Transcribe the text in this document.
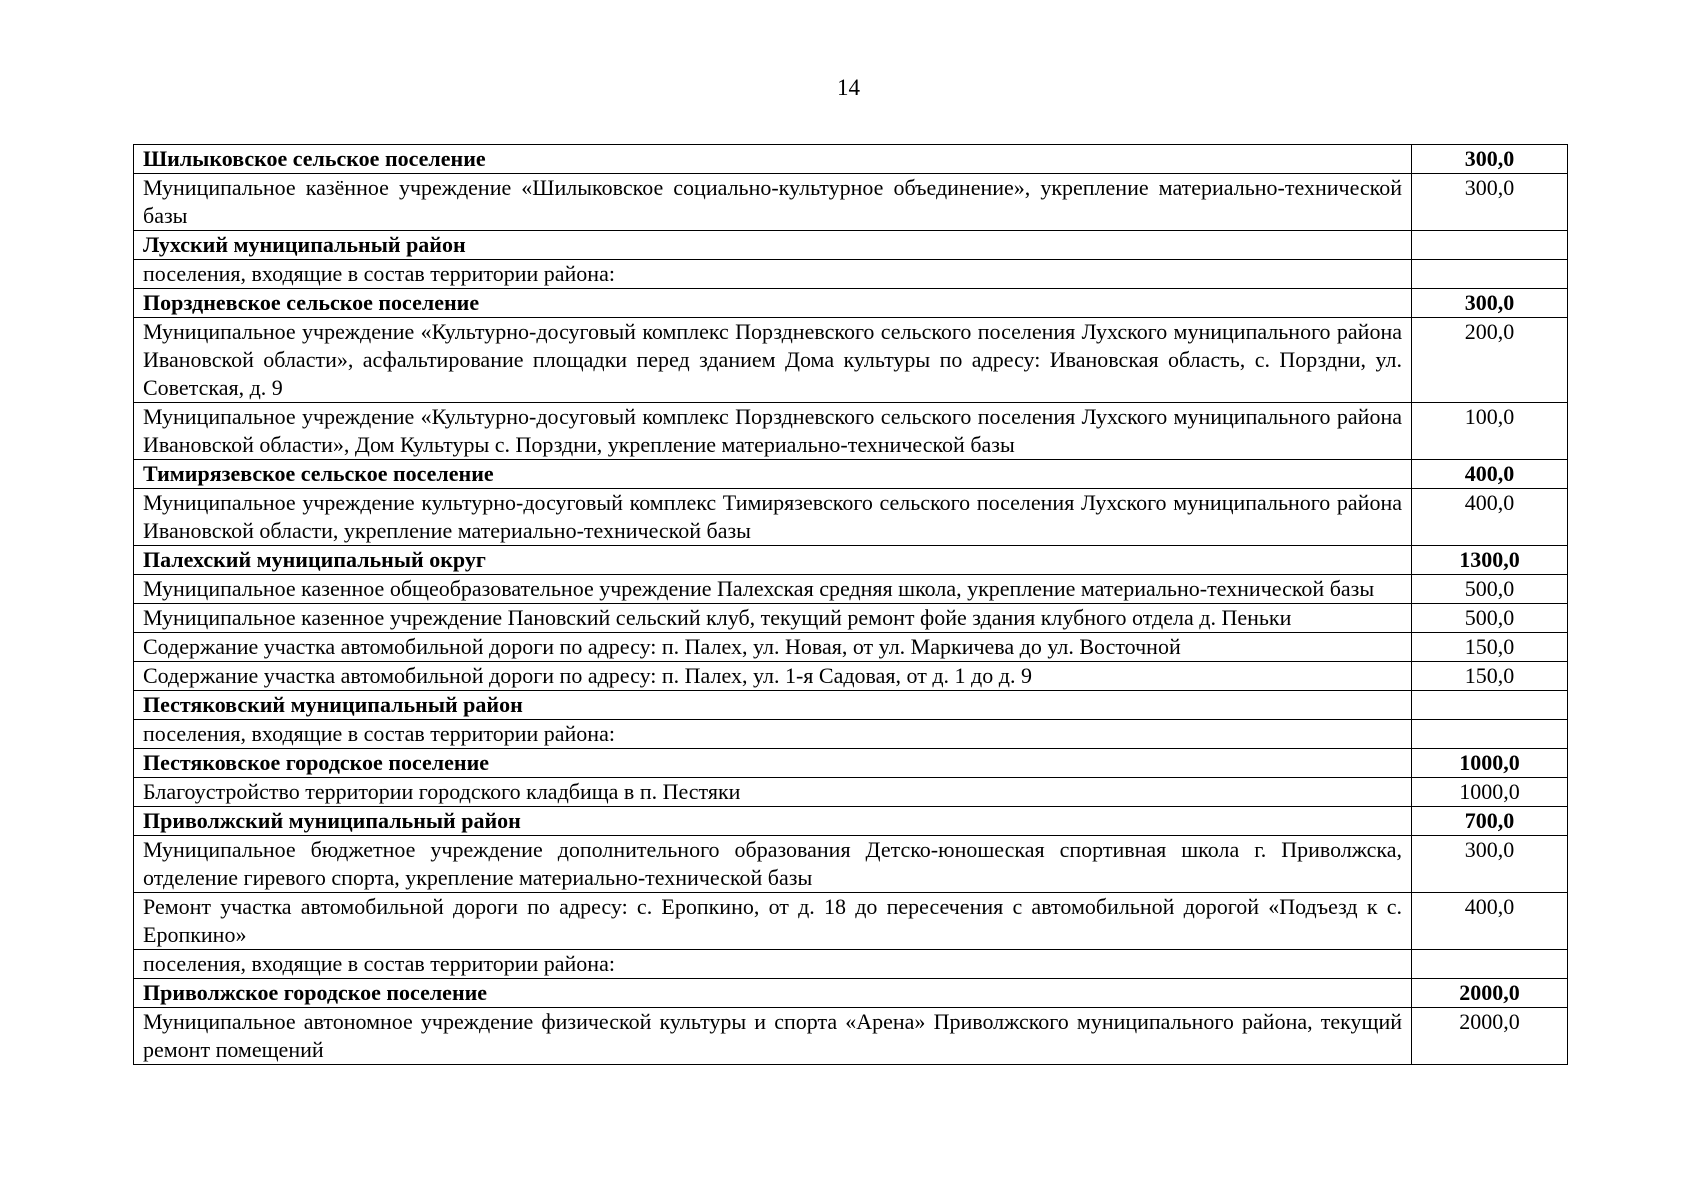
14
Шилыковское сельское поселение	300,0
Муниципальное казённое учреждение «Шилыковское социально-культурное объединение», укрепление материально-технической базы	300,0
Лухский муниципальный район	
поселения, входящие в состав территории района:	
Порздневское сельское поселение	300,0
Муниципальное учреждение «Культурно-досуговый комплекс Порздневского сельского поселения Лухского муниципального района Ивановской области», асфальтирование площадки перед зданием Дома культуры по адресу: Ивановская область, с. Порздни, ул. Советская, д. 9	200,0
Муниципальное учреждение «Культурно-досуговый комплекс Порздневского сельского поселения Лухского муниципального района Ивановской области», Дом Культуры с. Порздни, укрепление материально-технической базы	100,0
Тимирязевское сельское поселение	400,0
Муниципальное учреждение культурно-досуговый комплекс Тимирязевского сельского поселения Лухского муниципального района Ивановской области, укрепление материально-технической базы	400,0
Палехский муниципальный округ	1300,0
Муниципальное казенное общеобразовательное учреждение Палехская средняя школа, укрепление материально-технической базы	500,0
Муниципальное казенное учреждение Пановский сельский клуб, текущий ремонт фойе здания клубного отдела д. Пеньки	500,0
Содержание участка автомобильной дороги по адресу: п. Палех, ул. Новая, от ул. Маркичева до ул. Восточной	150,0
Содержание участка автомобильной дороги по адресу: п. Палех, ул. 1-я Садовая, от д. 1 до д. 9	150,0
Пестяковский муниципальный район	
поселения, входящие в состав территории района:	
Пестяковское городское поселение	1000,0
Благоустройство территории городского кладбища в п. Пестяки	1000,0
Приволжский муниципальный район	700,0
Муниципальное бюджетное учреждение дополнительного образования Детско-юношеская спортивная школа г. Приволжска, отделение гиревого спорта, укрепление материально-технической базы	300,0
Ремонт участка автомобильной дороги по адресу: с. Еропкино, от д. 18 до пересечения с автомобильной дорогой «Подъезд к с. Еропкино»	400,0
поселения, входящие в состав территории района:	
Приволжское городское поселение	2000,0
Муниципальное автономное учреждение физической культуры и спорта «Арена» Приволжского муниципального района, текущий ремонт помещений	2000,0
